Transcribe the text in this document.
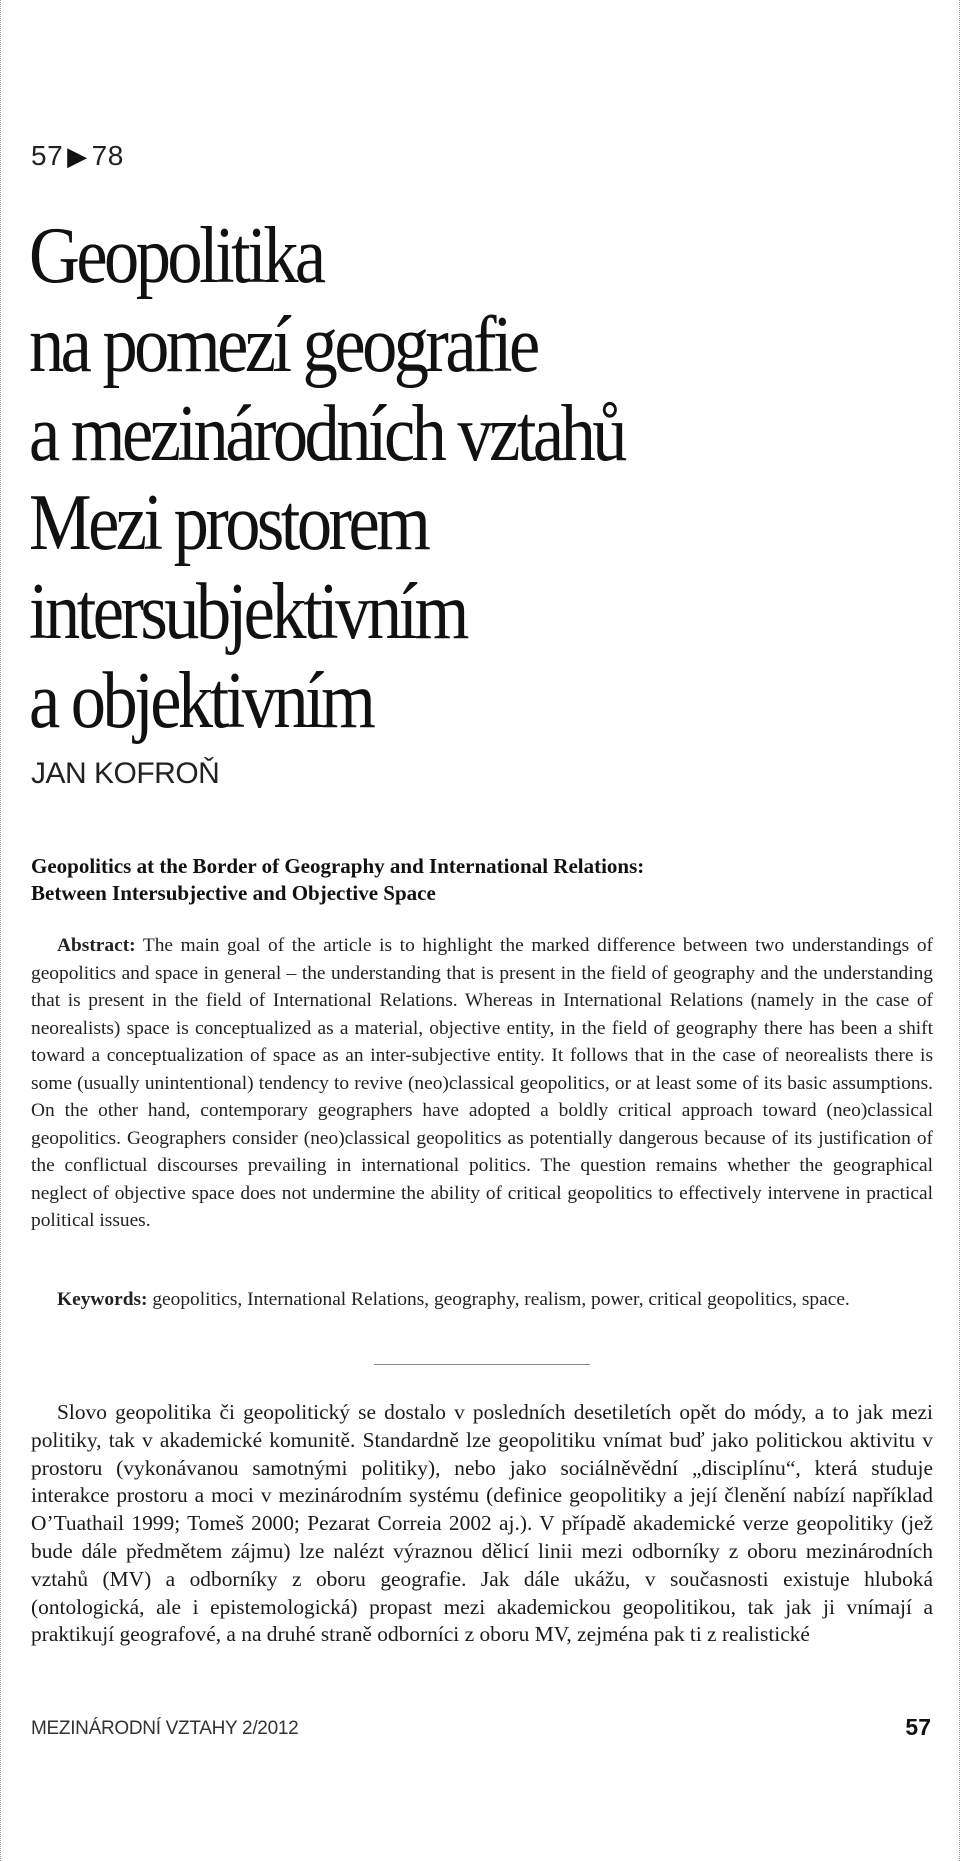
57 ▶ 78
Geopolitika
na pomezí geografie
a mezinárodních vztahů
Mezi prostorem
intersubjektivním
a objektivním
JAN KOFROŇ
Geopolitics at the Border of Geography and International Relations:
Between Intersubjective and Objective Space

Abstract: The main goal of the article is to highlight the marked difference between two understandings of geopolitics and space in general – the understanding that is present in the field of geography and the understanding that is present in the field of International Relations. Whereas in International Relations (namely in the case of neorealists) space is conceptualized as a material, objective entity, in the field of geography there has been a shift toward a conceptualization of space as an inter-subjective entity. It follows that in the case of neorealists there is some (usually unintentional) tendency to revive (neo)classical geopolitics, or at least some of its basic assumptions. On the other hand, contemporary geographers have adopted a boldly critical approach toward (neo)classical geopolitics. Geographers consider (neo)classical geopolitics as potentially dangerous because of its justification of the conflictual discourses prevailing in international politics. The question remains whether the geographical neglect of objective space does not undermine the ability of critical geopolitics to effectively intervene in practical political issues.

Keywords: geopolitics, International Relations, geography, realism, power, critical geopolitics, space.

Slovo geopolitika či geopolitický se dostalo v posledních desetiletích opět do módy, a to jak mezi politiky, tak v akademické komunitě. Standardně lze geopolitiku vnímat buď jako politickou aktivitu v prostoru (vykonávanou samotnými politiky), nebo jako sociálněvědní „disciplínu“, která studuje interakce prostoru a moci v mezinárodním systému (definice geopolitiky a její členění nabízí například O’Tuathail 1999; Tomeš 2000; Pezarat Correia 2002 aj.). V případě akademické verze geopolitiky (jež bude dále předmětem zájmu) lze nalézt výraznou dělicí linii mezi odborníky z oboru mezinárodních vztahů (MV) a odborníky z oboru geografie. Jak dále ukážu, v současnosti existuje hluboká (ontologická, ale i epistemologická) propast mezi akademickou geopolitikou, tak jak ji vnímají a praktikují geografové, a na druhé straně odborníci z oboru MV, zejména pak ti z realistické

MEZINÁRODNÍ VZTAHY 2/2012	57
